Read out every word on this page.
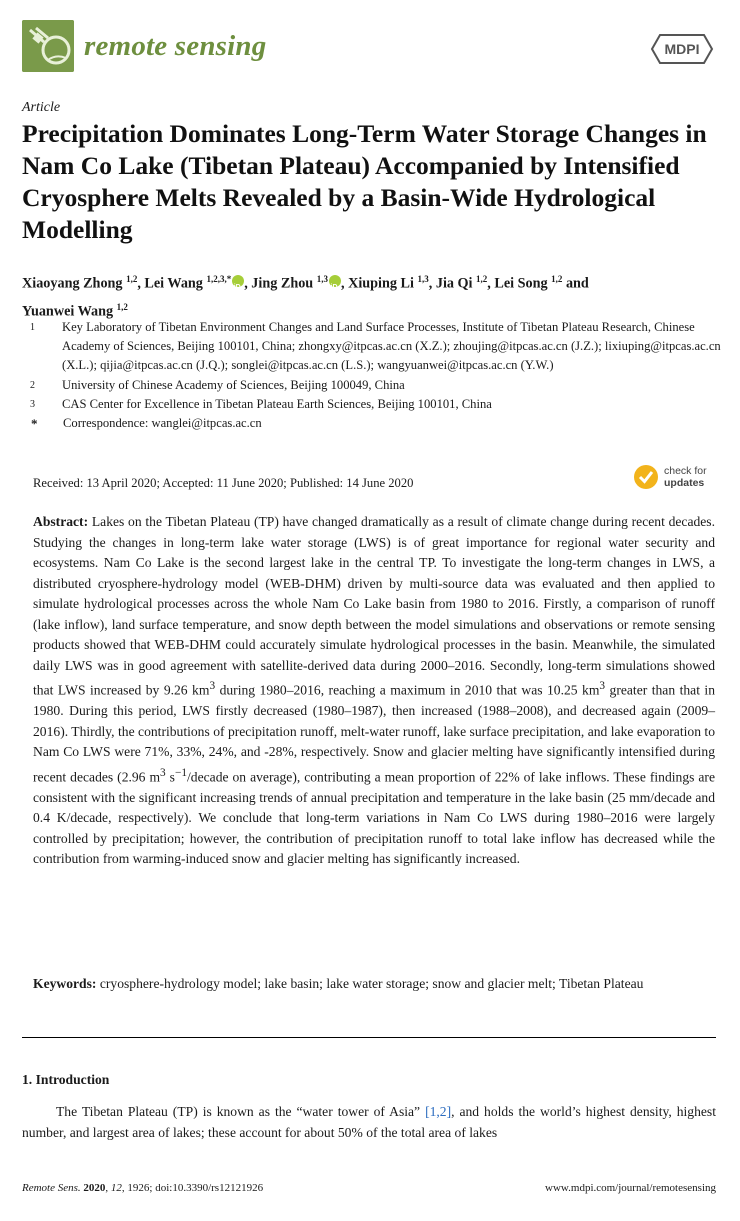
remote sensing	MDPI
Article
Precipitation Dominates Long-Term Water Storage Changes in Nam Co Lake (Tibetan Plateau) Accompanied by Intensified Cryosphere Melts Revealed by a Basin-Wide Hydrological Modelling
Xiaoyang Zhong $^{1,2}$, Lei Wang $^{1,2,3,*}$ iD , Jing Zhou $^{1,3}$ iD , Xiuping Li $^{1,3}$, Jia Qi $^{1,2}$, Lei Song $^{1,2}$ and
Yuanwei Wang $^{1,2}$
1	Key Laboratory of Tibetan Environment Changes and Land Surface Processes, Institute of Tibetan Plateau Research, Chinese Academy of Sciences, Beijing 100101, China; zhongxy@itpcas.ac.cn (X.Z.); zhoujing@itpcas.ac.cn (J.Z.); lixiuping@itpcas.ac.cn (X.L.); qijia@itpcas.ac.cn (J.Q.); songlei@itpcas.ac.cn (L.S.); wangyuanwei@itpcas.ac.cn (Y.W.)
2	University of Chinese Academy of Sciences, Beijing 100049, China
3	CAS Center for Excellence in Tibetan Plateau Earth Sciences, Beijing 100101, China
*	Correspondence: wanglei@itpcas.ac.cn
Received: 13 April 2020; Accepted: 11 June 2020; Published: 14 June 2020
check for
updates
Abstract: Lakes on the Tibetan Plateau (TP) have changed dramatically as a result of climate change during recent decades. Studying the changes in long-term lake water storage (LWS) is of great importance for regional water security and ecosystems. Nam Co Lake is the second largest lake in the central TP. To investigate the long-term changes in LWS, a distributed cryosphere-hydrology model (WEB-DHM) driven by multi-source data was evaluated and then applied to simulate hydrological processes across the whole Nam Co Lake basin from 1980 to 2016. Firstly, a comparison of runoff (lake inflow), land surface temperature, and snow depth between the model simulations and observations or remote sensing products showed that WEB-DHM could accurately simulate hydrological processes in the basin. Meanwhile, the simulated daily LWS was in good agreement with satellite-derived data during 2000–2016. Secondly, long-term simulations showed that LWS increased by 9.26 $km^3$ during 1980–2016, reaching a maximum in 2010 that was 10.25 $km^3$ greater than that in 1980. During this period, LWS firstly decreased (1980–1987), then increased (1988–2008), and decreased again (2009–2016). Thirdly, the contributions of precipitation runoff, melt-water runoff, lake surface precipitation, and lake evaporation to Nam Co LWS were 71%, 33%, 24%, and -28%, respectively. Snow and glacier melting have significantly intensified during recent decades (2.96 $m^3$ $s^{-1}$/decade on average), contributing a mean proportion of 22% of lake inflows. These findings are consistent with the significant increasing trends of annual precipitation and temperature in the lake basin (25 mm/decade and 0.4 K/decade, respectively). We conclude that long-term variations in Nam Co LWS during 1980–2016 were largely controlled by precipitation; however, the contribution of precipitation runoff to total lake inflow has decreased while the contribution from warming-induced snow and glacier melting has significantly increased.
Keywords: cryosphere-hydrology model; lake basin; lake water storage; snow and glacier melt; Tibetan Plateau
1. Introduction
The Tibetan Plateau (TP) is known as the “water tower of Asia” [1,2], and holds the world’s highest density, highest number, and largest area of lakes; these account for about 50% of the total area of lakes
Remote Sens. 2020, 12, 1926; doi:10.3390/rs12121926	www.mdpi.com/journal/remotesensing
